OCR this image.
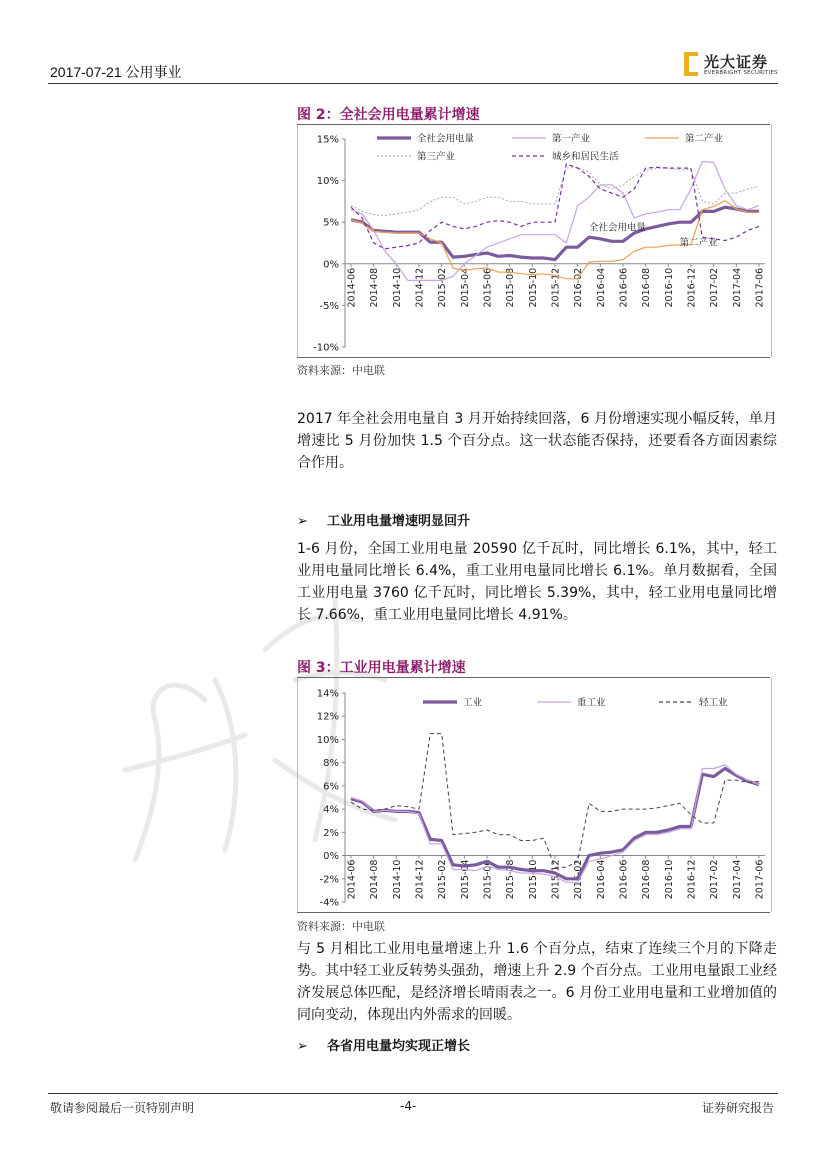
2017-07-21 公用事业
光大证券
EVERBRIGHT SECURITIES
图 2：全社会用电量累计增速
15%
10%
5%
0%
-5%
-10%
2014-06 2014-08 2014-10 2014-12 2015-02 2015-04 2015-06 2015-08 2015-10 2015-12 2016-02 2016-04 2016-06 2016-08 2016-10 2016-12 2017-02 2017-04 2017-06
全社会用电量
第二产业
全社会用电量	第一产业	第二产业
第三产业	城乡和居民生活
资料来源：中电联
2017 年全社会用电量自 3 月开始持续回落，6 月份增速实现小幅反转，单月增速比 5 月份加快 1.5 个百分点。这一状态能否保持，还要看各方面因素综合作用。
➢ 工业用电量增速明显回升
1-6 月份，全国工业用电量 20590 亿千瓦时，同比增长 6.1%，其中，轻工业用电量同比增长 6.4%，重工业用电量同比增长 6.1%。单月数据看，全国工业用电量 3760 亿千瓦时，同比增长 5.39%，其中，轻工业用电量同比增长 7.66%，重工业用电量同比增长 4.91%。
图 3：工业用电量累计增速
14%
12%
10%
8%
6%
4%
2%
0%
-2%
-4%
2014-06 2014-08 2014-10 2014-12 2015-02 2015-04 2015-06 2015-08 2015-10 2015-12 2016-02 2016-04 2016-06 2016-08 2016-10 2016-12 2017-02 2017-04 2017-06
工业	重工业	轻工业
资料来源：中电联
与 5 月相比工业用电量增速上升 1.6 个百分点，结束了连续三个月的下降走势。其中轻工业反转势头强劲，增速上升 2.9 个百分点。工业用电量跟工业经济发展总体匹配，是经济增长晴雨表之一。6 月份工业用电量和工业增加值的同向变动，体现出内外需求的回暖。
➢ 各省用电量均实现正增长
敬请参阅最后一页特别声明	-4-	证券研究报告
